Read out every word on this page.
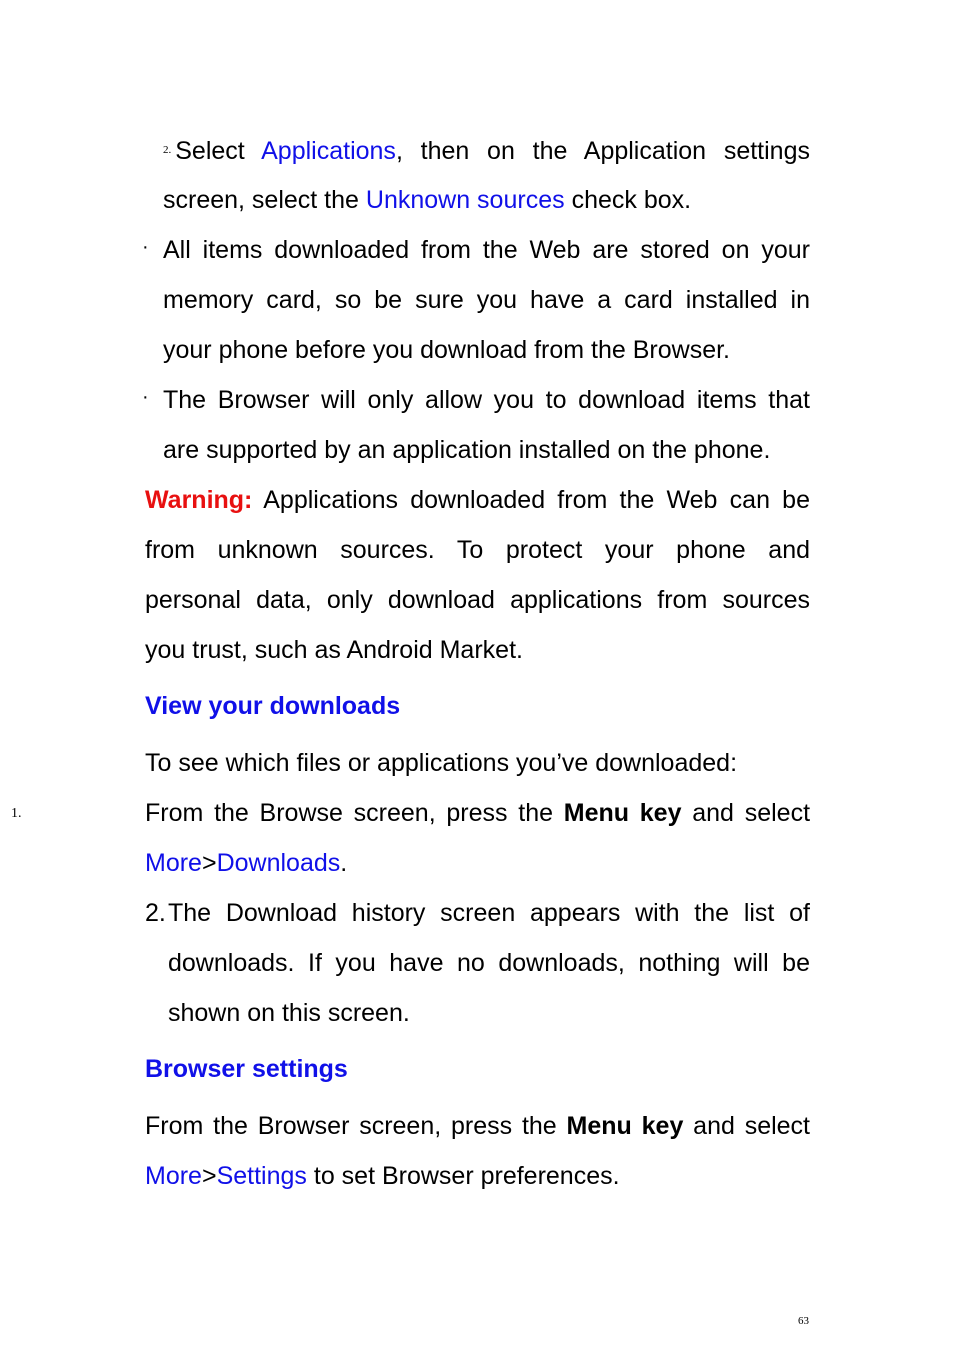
$^{2.}$ Select Applications, then on the Application settings
screen, select the Unknown sources check box.
· All items downloaded from the Web are stored on your
memory card, so be sure you have a card installed in
your phone before you download from the Browser.
· The Browser will only allow you to download items that
are supported by an application installed on the phone.
Warning: Applications downloaded from the Web can be
from unknown sources. To protect your phone and
personal data, only download applications from sources
you trust, such as Android Market.
View your downloads
To see which files or applications you’ve downloaded:
1.	From the Browse screen, press the Menu key and select
More>Downloads.
2. The Download history screen appears with the list of
downloads. If you have no downloads, nothing will be
shown on this screen.
Browser settings
From the Browser screen, press the Menu key and select
More>Settings to set Browser preferences.
63
